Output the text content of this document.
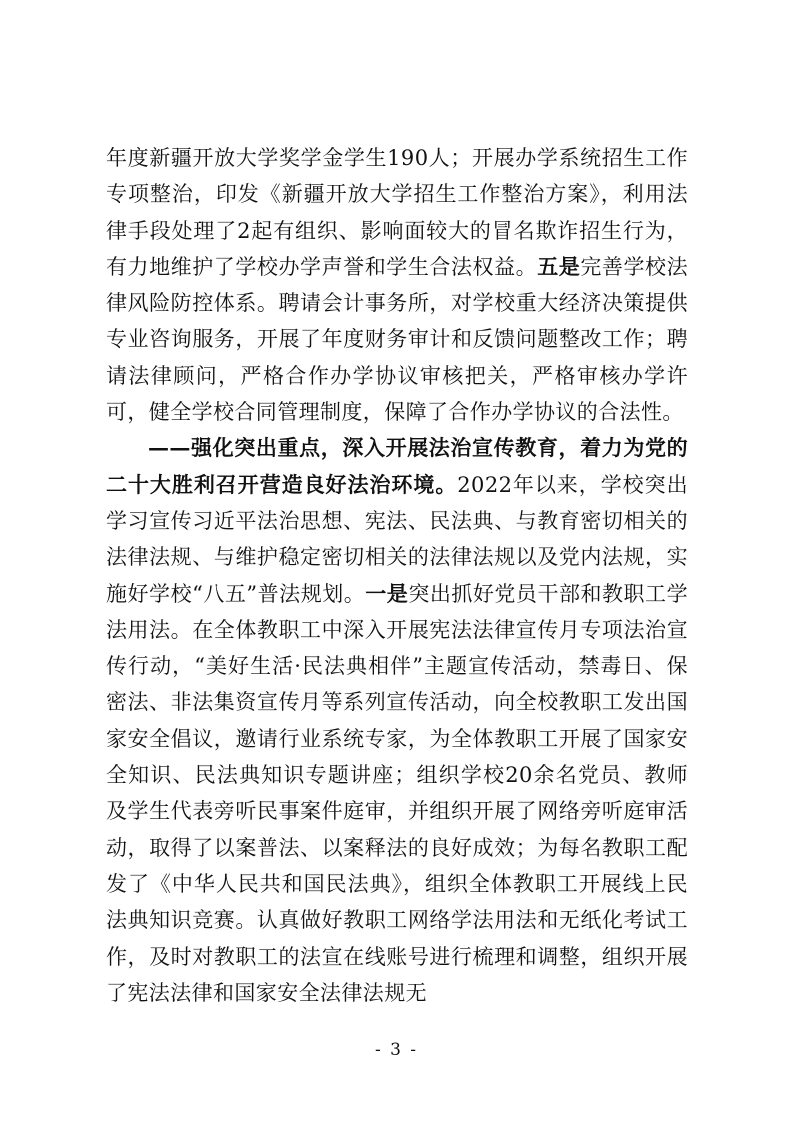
年度新疆开放大学奖学金学生190人；开展办学系统招生工作专项整治，印发《新疆开放大学招生工作整治方案》，利用法律手段处理了2起有组织、影响面较大的冒名欺诈招生行为，有力地维护了学校办学声誉和学生合法权益。五是完善学校法律风险防控体系。聘请会计事务所，对学校重大经济决策提供专业咨询服务，开展了年度财务审计和反馈问题整改工作；聘请法律顾问，严格合作办学协议审核把关，严格审核办学许可，健全学校合同管理制度，保障了合作办学协议的合法性。

——强化突出重点，深入开展法治宣传教育，着力为党的二十大胜利召开营造良好法治环境。2022年以来，学校突出学习宣传习近平法治思想、宪法、民法典、与教育密切相关的法律法规、与维护稳定密切相关的法律法规以及党内法规，实施好学校“八五”普法规划。一是突出抓好党员干部和教职工学法用法。在全体教职工中深入开展宪法法律宣传月专项法治宣传行动，“美好生活·民法典相伴”主题宣传活动，禁毒日、保密法、非法集资宣传月等系列宣传活动，向全校教职工发出国家安全倡议，邀请行业系统专家，为全体教职工开展了国家安全知识、民法典知识专题讲座；组织学校20余名党员、教师及学生代表旁听民事案件庭审，并组织开展了网络旁听庭审活动，取得了以案普法、以案释法的良好成效；为每名教职工配发了《中华人民共和国民法典》，组织全体教职工开展线上民法典知识竞赛。认真做好教职工网络学法用法和无纸化考试工作，及时对教职工的法宣在线账号进行梳理和调整，组织开展了宪法法律和国家安全法律法规无

- 3 -
